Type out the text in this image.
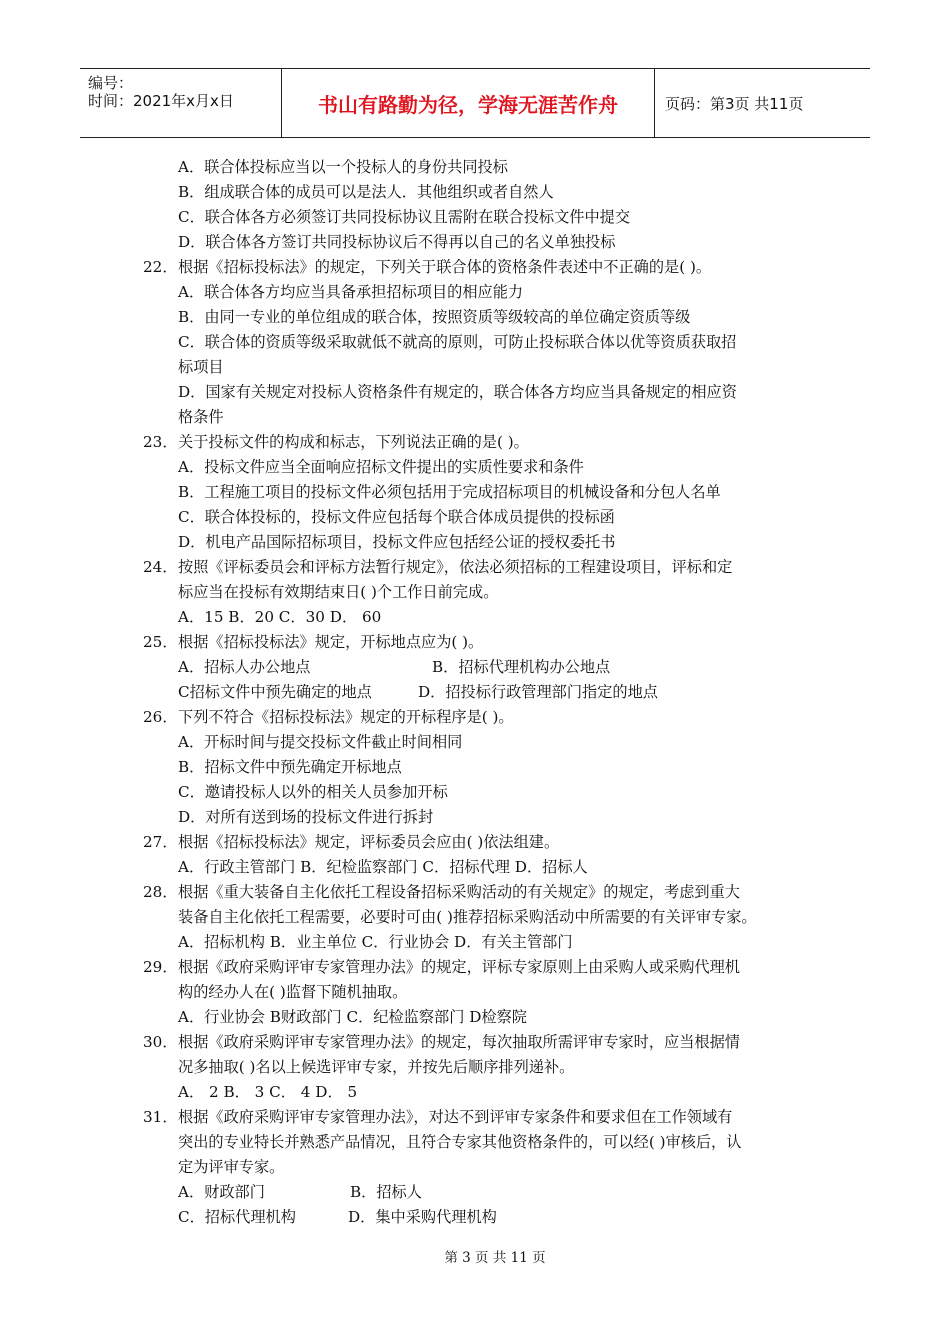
编号：
时间：2021年x月x日	书山有路勤为径，学海无涯苦作舟	页码：第3页 共11页
A．联合体投标应当以一个投标人的身份共同投标
B．组成联合体的成员可以是法人．其他组织或者自然人
C．联合体各方必须签订共同投标协议且需附在联合投标文件中提交
D．联合体各方签订共同投标协议后不得再以自己的名义单独投标
22． 根据《招标投标法》的规定，下列关于联合体的资格条件表述中不正确的是( )。
A．联合体各方均应当具备承担招标项目的相应能力
B．由同一专业的单位组成的联合体，按照资质等级较高的单位确定资质等级
C．联合体的资质等级采取就低不就高的原则，可防止投标联合体以优等资质获取招
标项目
D．国家有关规定对投标人资格条件有规定的，联合体各方均应当具备规定的相应资
格条件
23． 关于投标文件的构成和标志，下列说法正确的是( )。
A．投标文件应当全面响应招标文件提出的实质性要求和条件
B．工程施工项目的投标文件必须包括用于完成招标项目的机械设备和分包人名单
C．联合体投标的，投标文件应包括每个联合体成员提供的投标函
D．机电产品国际招标项目，投标文件应包括经公证的授权委托书
24． 按照《评标委员会和评标方法暂行规定》，依法必须招标的工程建设项目，评标和定
标应当在投标有效期结束日( )个工作日前完成。
A．15 B．20 C．30 D． 60
25． 根据《招标投标法》规定，开标地点应为( )。
A．招标人办公地点	B．招标代理机构办公地点
C招标文件中预先确定的地点	D．招投标行政管理部门指定的地点
26． 下列不符合《招标投标法》规定的开标程序是( )。
A．开标时间与提交投标文件截止时间相同
B．招标文件中预先确定开标地点
C．邀请投标人以外的相关人员参加开标
D．对所有送到场的投标文件进行拆封
27． 根据《招标投标法》规定，评标委员会应由( )依法组建。
A．行政主管部门 B．纪检监察部门 C．招标代理 D．招标人
28． 根据《重大装备自主化依托工程设备招标采购活动的有关规定》的规定，考虑到重大
装备自主化依托工程需要，必要时可由( )推荐招标采购活动中所需要的有关评审专家。
A．招标机构 B．业主单位 C．行业协会 D．有关主管部门
29． 根据《政府采购评审专家管理办法》的规定，评标专家原则上由采购人或采购代理机
构的经办人在( )监督下随机抽取。
A．行业协会 B财政部门 C．纪检监察部门 D检察院
30． 根据《政府采购评审专家管理办法》的规定，每次抽取所需评审专家时，应当根据情
况多抽取( )名以上候选评审专家，并按先后顺序排列递补。
A． 2 B． 3 C． 4 D． 5
31． 根据《政府采购评审专家管理办法》，对达不到评审专家条件和要求但在工作领域有
突出的专业特长并熟悉产品情况，且符合专家其他资格条件的，可以经( )审核后，认
定为评审专家。
A．财政部门	B．招标人
C．招标代理机构	D．集中采购代理机构
第 3 页 共 11 页
